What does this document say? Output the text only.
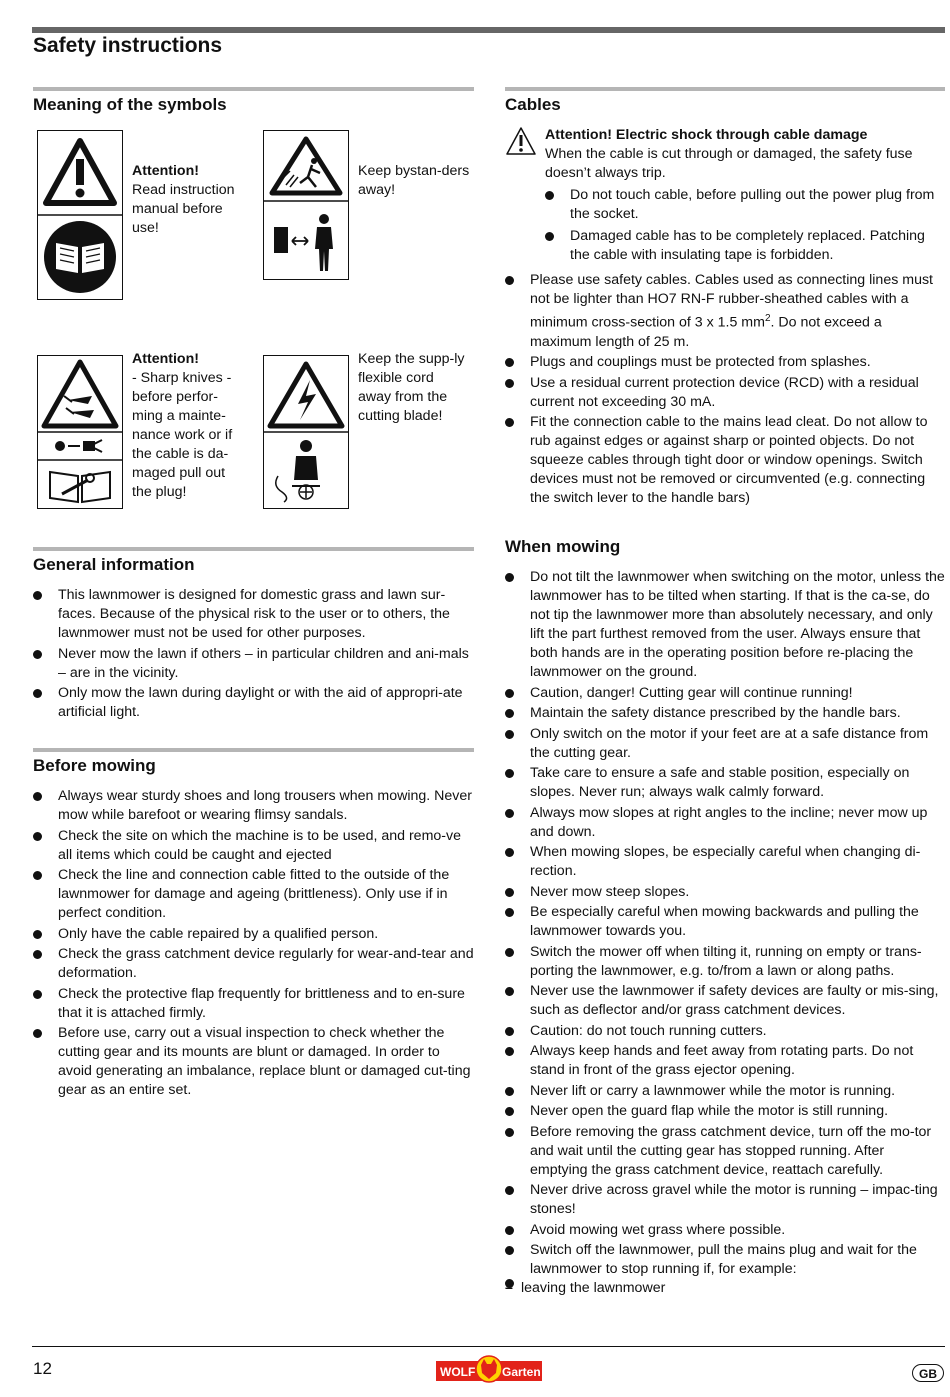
Safety instructions
Meaning of the symbols
Attention!
Read instruction manual before use!
Keep bystan-ders away!
Attention!
- Sharp knives - before perfor-ming a mainte-nance work or if the cable is da-maged pull out the plug!
Keep the supp-ly flexible cord away from the cutting blade!
General information
This lawnmower is designed for domestic grass and lawn sur-faces. Because of the physical risk to the user or to others, the lawnmower must not be used for other purposes.
Never mow the lawn if others – in particular children and ani-mals – are in the vicinity.
Only mow the lawn during daylight or with the aid of appropri-ate artificial light.
Before mowing
Always wear sturdy shoes and long trousers when mowing. Never mow while barefoot or wearing flimsy sandals.
Check the site on which the machine is to be used, and remo-ve all items which could be caught and ejected
Check the line and connection cable fitted to the outside of the lawnmower for damage and ageing (brittleness). Only use if in perfect condition.
Only have the cable repaired by a qualified person.
Check the grass catchment device regularly for wear-and-tear and deformation.
Check the protective flap frequently for brittleness and to en-sure that it is attached firmly.
Before use, carry out a visual inspection to check whether the cutting gear and its mounts are blunt or damaged. In order to avoid generating an imbalance, replace blunt or damaged cut-ting gear as an entire set.
Cables
Attention! Electric shock through cable damage
When the cable is cut through or damaged, the safety fuse doesn’t always trip.
Do not touch cable, before pulling out the power plug from the socket.
Damaged cable has to be completely replaced. Patching the cable with insulating tape is forbidden.
Please use safety cables. Cables used as connecting lines must not be lighter than HO7 RN-F rubber-sheathed cables with a minimum cross-section of 3 x 1.5 $mm^2$. Do not exceed a maximum length of 25 m.
Plugs and couplings must be protected from splashes.
Use a residual current protection device (RCD) with a residual current not exceeding 30 mA.
Fit the connection cable to the mains lead cleat. Do not allow to rub against edges or against sharp or pointed objects. Do not squeeze cables through tight door or window openings. Switch devices must not be removed or circumvented (e.g. connecting the switch lever to the handle bars)
When mowing
Do not tilt the lawnmower when switching on the motor, unless the lawnmower has to be tilted when starting. If that is the ca-se, do not tip the lawnmower more than absolutely necessary, and only lift the part furthest removed from the user. Always ensure that both hands are in the operating position before re-placing the lawnmower on the ground.
Caution, danger! Cutting gear will continue running!
Maintain the safety distance prescribed by the handle bars.
Only switch on the motor if your feet are at a safe distance from the cutting gear.
Take care to ensure a safe and stable position, especially on slopes. Never run; always walk calmly forward.
Always mow slopes at right angles to the incline; never mow up and down.
When mowing slopes, be especially careful when changing di-rection.
Never mow steep slopes.
Be especially careful when mowing backwards and pulling the lawnmower towards you.
Switch the mower off when tilting it, running on empty or trans-porting the lawnmower, e.g. to/from a lawn or along paths.
Never use the lawnmower if safety devices are faulty or mis-sing, such as deflector and/or grass catchment devices.
Caution: do not touch running cutters.
Always keep hands and feet away from rotating parts. Do not stand in front of the grass ejector opening.
Never lift or carry a lawnmower while the motor is running.
Never open the guard flap while the motor is still running.
Before removing the grass catchment device, turn off the mo-tor and wait until the cutting gear has stopped running. After emptying the grass catchment device, reattach carefully.
Never drive across gravel while the motor is running – impac-ting stones!
Avoid mowing wet grass where possible.
Switch off the lawnmower, pull the mains plug and wait for the lawnmower to stop running if, for example:
– leaving the lawnmower
12	WOLF Garten	GB
